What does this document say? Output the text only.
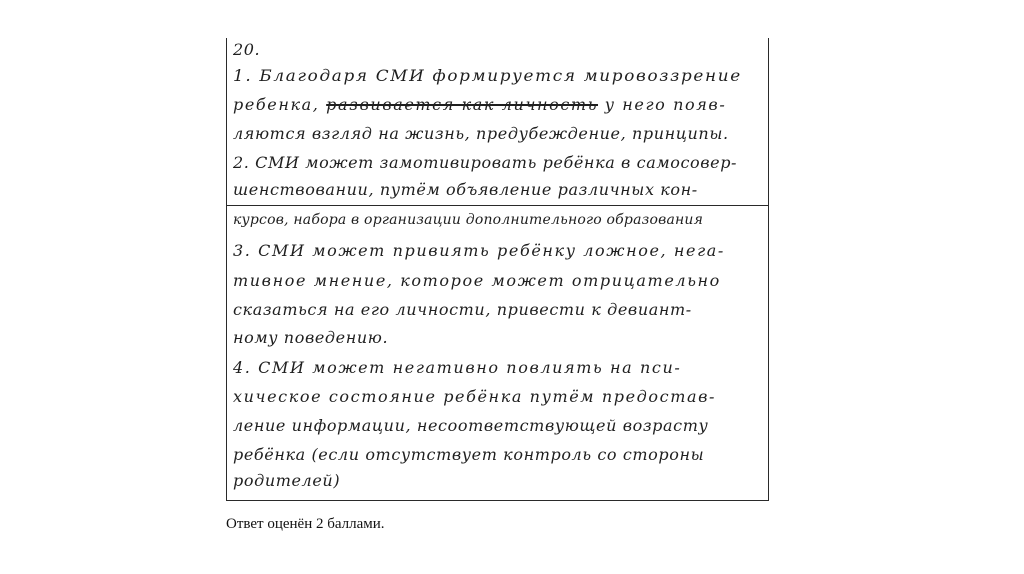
20.
1. Благодаря СМИ формируется мировоззрение
ребенка, развивается как личность у него появ-
ляются взгляд на жизнь, предубеждение, принципы.
2. СМИ может замотивировать ребёнка в самосовер-
шенствовании, путём объявление различных кон-
курсов, набора в организации дополнительного образования
3. СМИ может привиять ребёнку ложное, нега-
тивное мнение, которое может отрицательно
сказаться на его личности, привести к девиант-
ному поведению.
4. СМИ может негативно повлиять на пси-
хическое состояние ребёнка путём предостав-
ление информации, несоответствующей возрасту
ребёнка (если отсутствует контроль со стороны
родителей)
Ответ оценён 2 баллами.
